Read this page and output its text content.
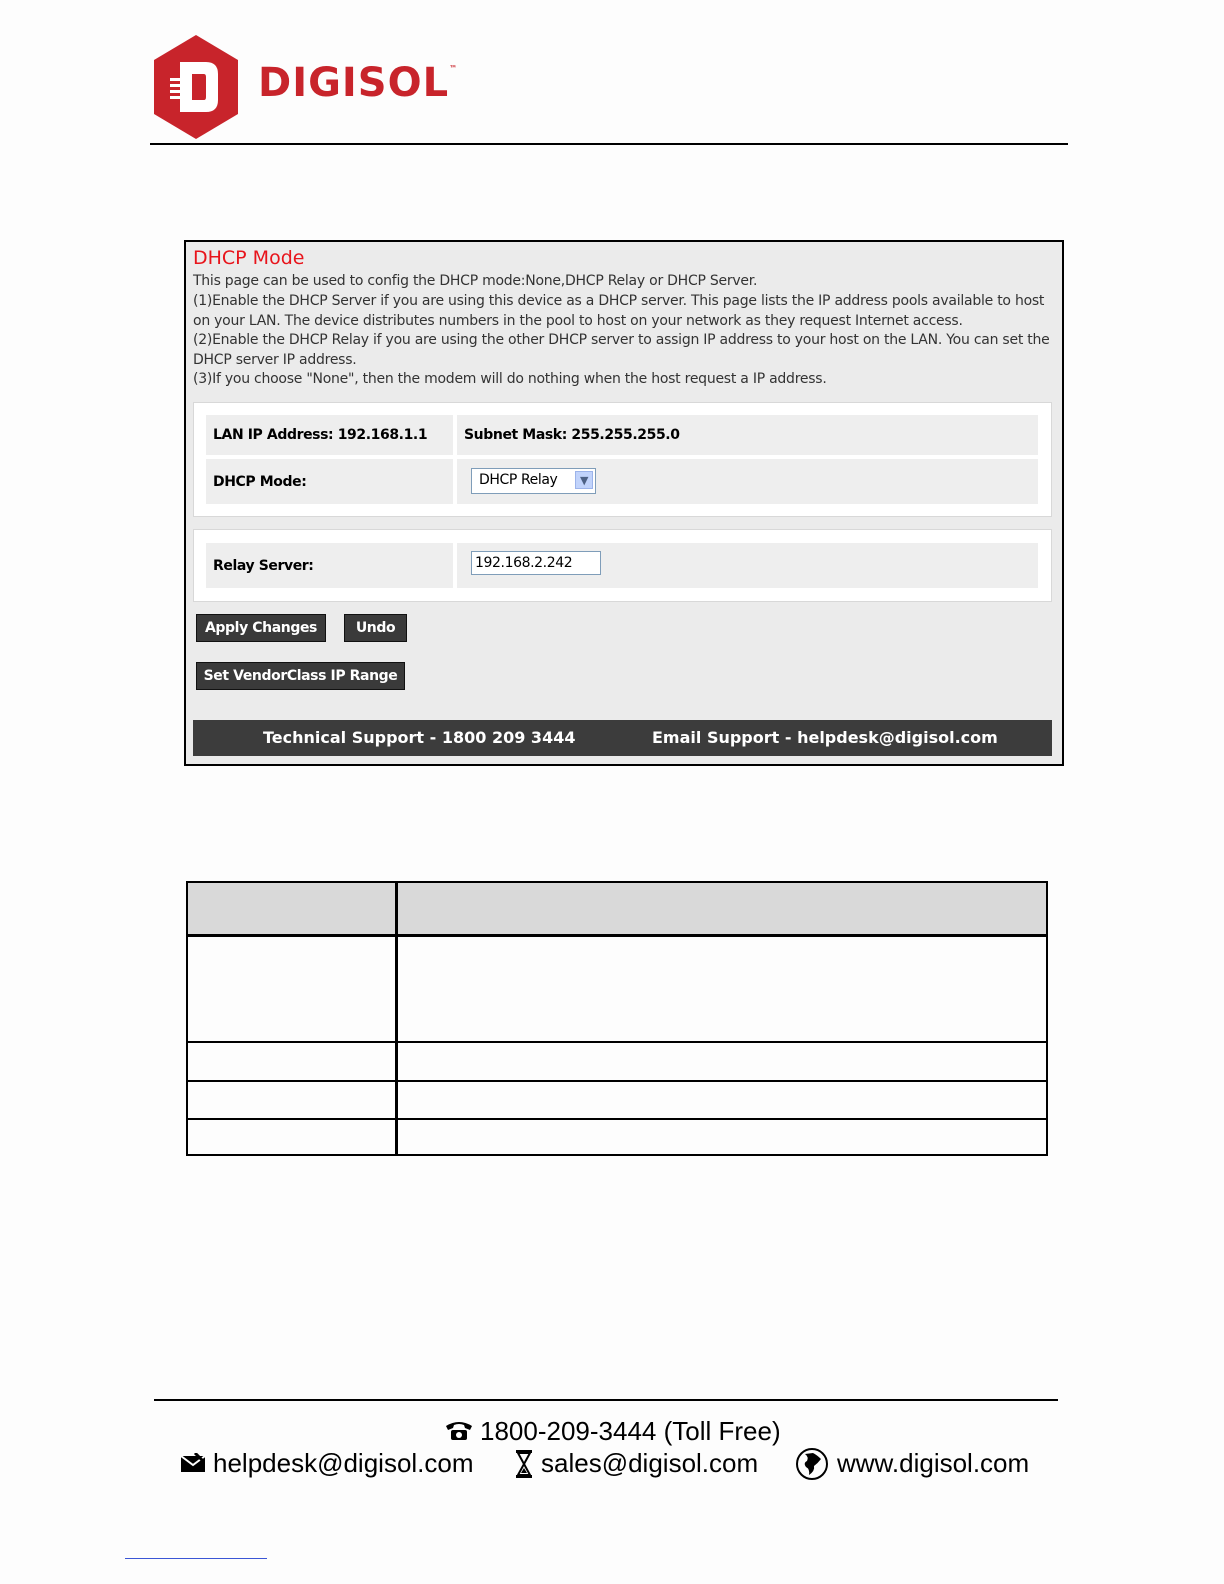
DIGISOL™
DHCP Mode
This page can be used to config the DHCP mode:None,DHCP Relay or DHCP Server.
(1)Enable the DHCP Server if you are using this device as a DHCP server. This page lists the IP address pools available to host
on your LAN. The device distributes numbers in the pool to host on your network as they request Internet access.
(2)Enable the DHCP Relay if you are using the other DHCP server to assign IP address to your host on the LAN. You can set the
DHCP server IP address.
(3)If you choose "None", then the modem will do nothing when the host request a IP address.
LAN IP Address: 192.168.1.1	Subnet Mask: 255.255.255.0
DHCP Mode:	DHCP Relay	▼
Relay Server:	192.168.2.242
Apply Changes	Undo
Set VendorClass IP Range
Technical Support - 1800 209 3444	Email Support - helpdesk@digisol.com
1800-209-3444 (Toll Free)
helpdesk@digisol.com	sales@digisol.com	www.digisol.com
